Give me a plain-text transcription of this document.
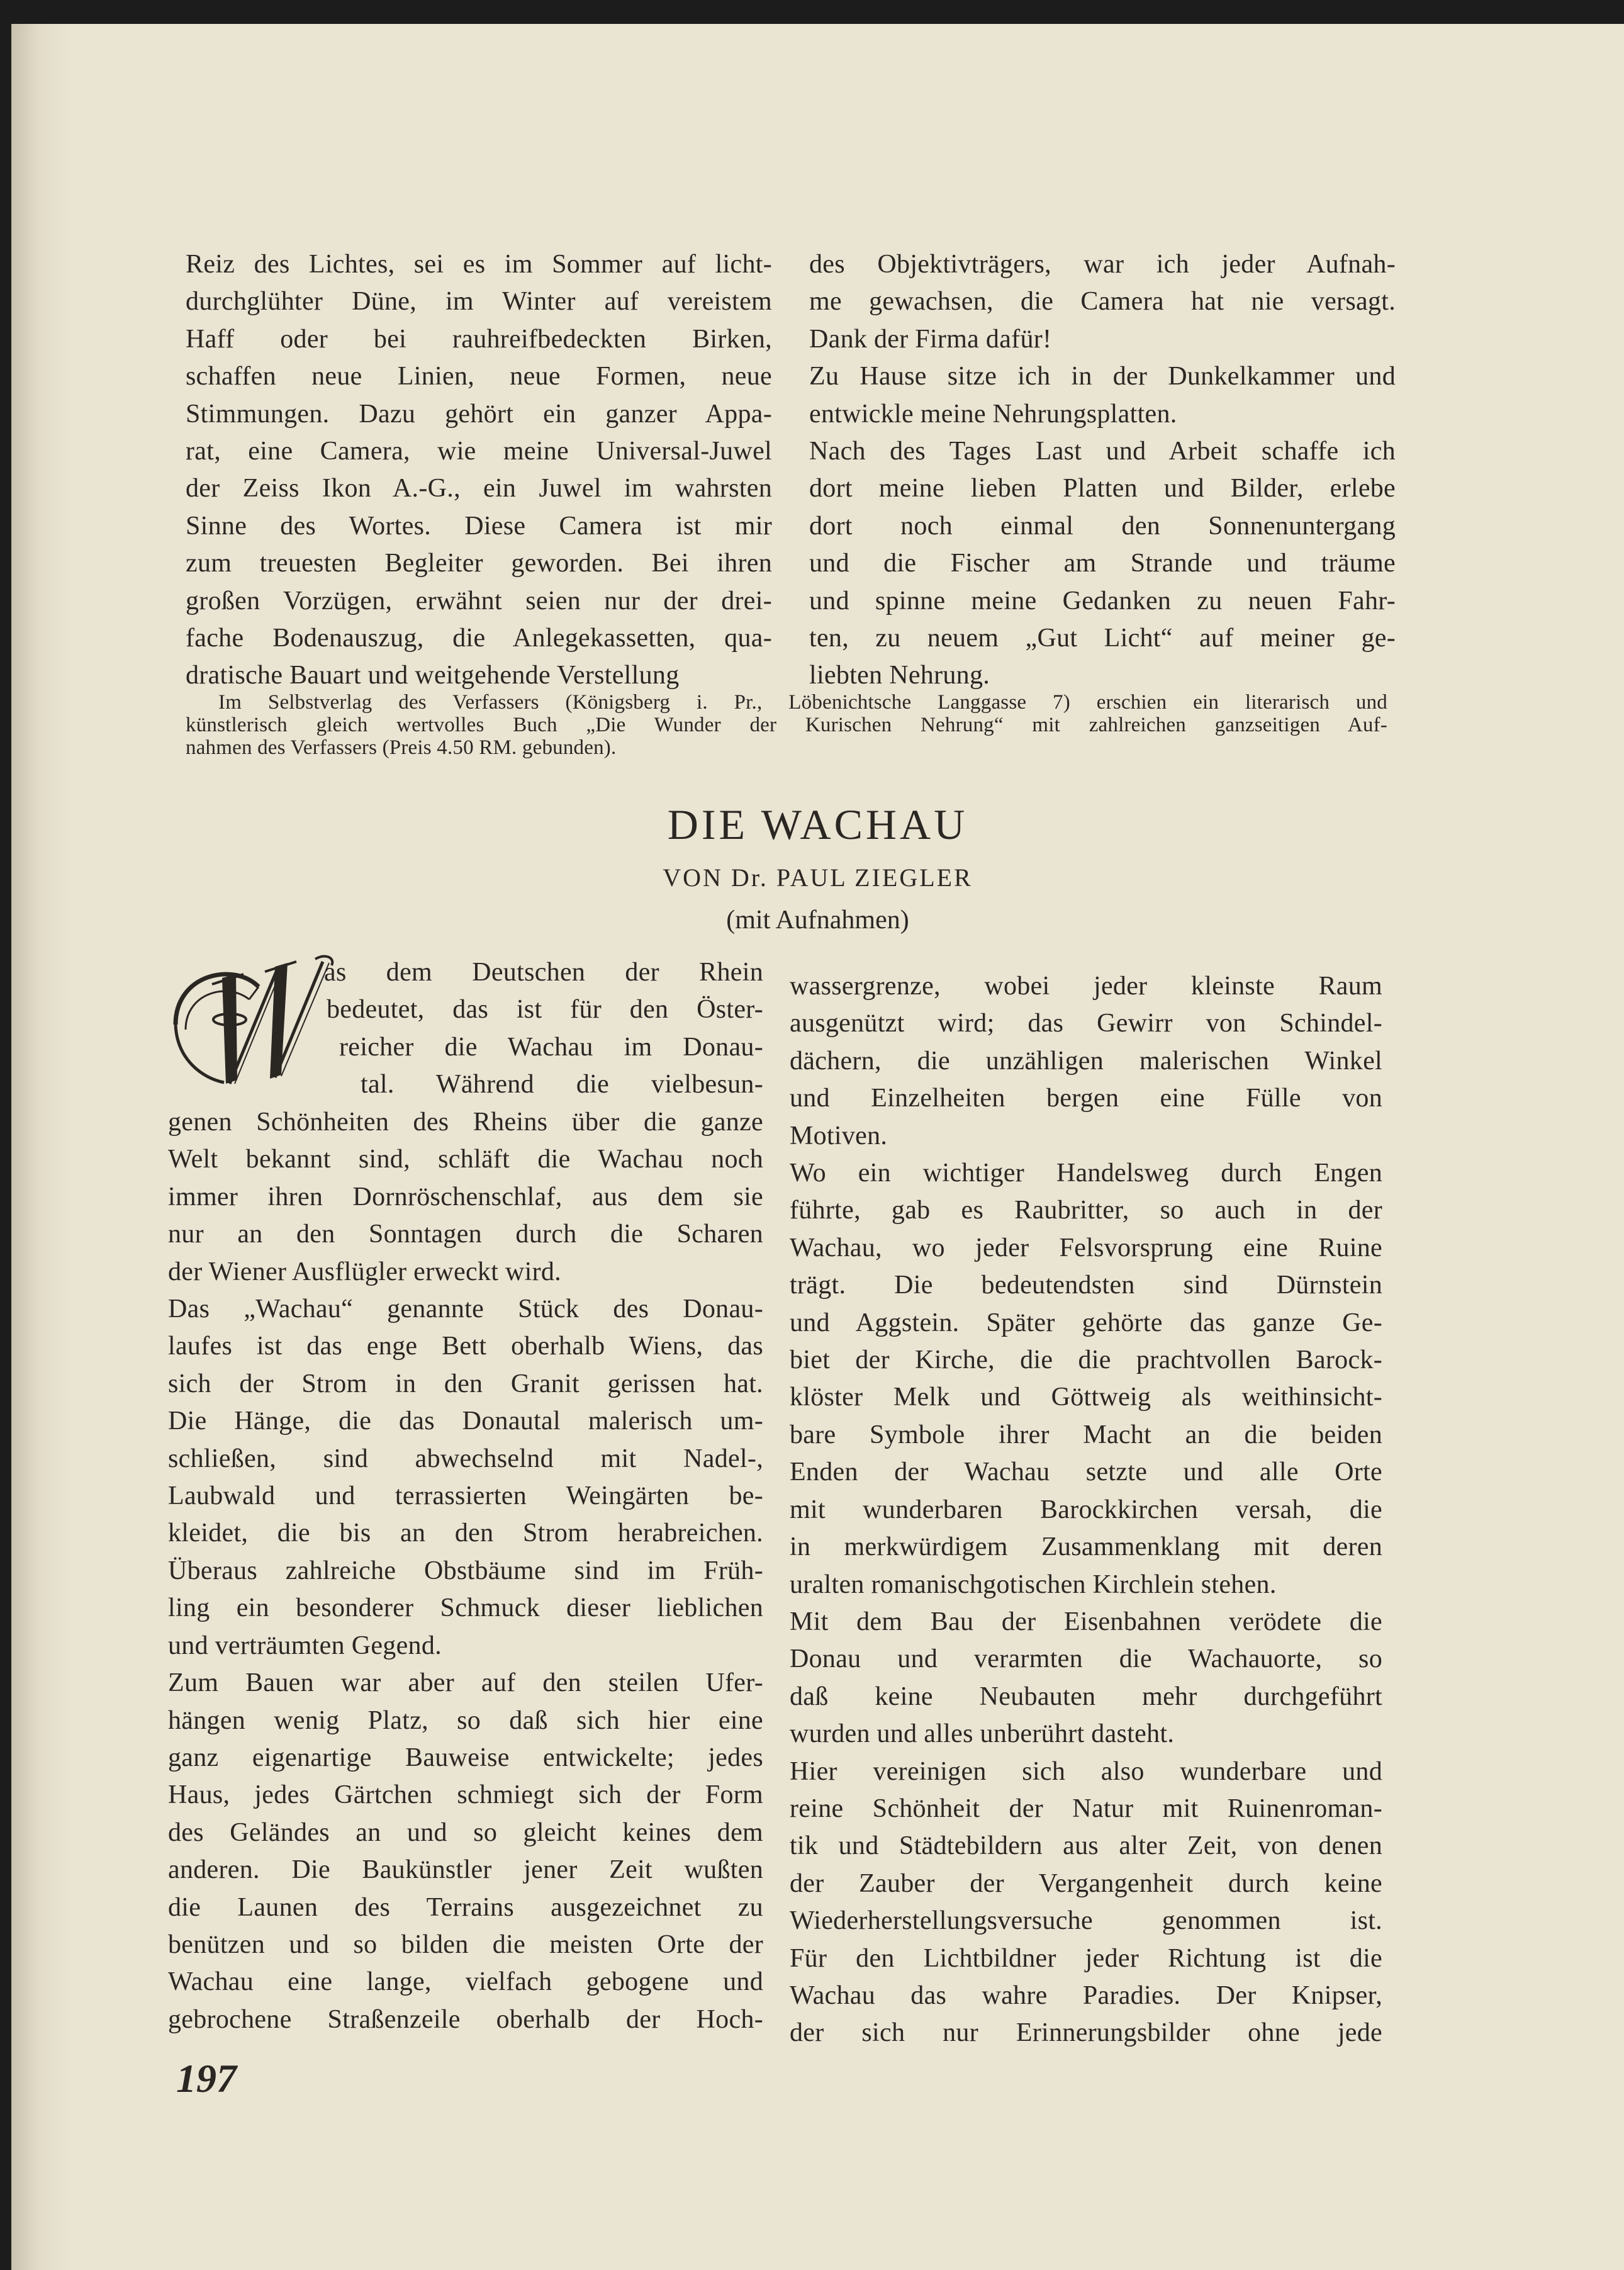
Reiz des Lichtes, sei es im Sommer auf licht-
durchglühter Düne, im Winter auf vereistem
Haff oder bei rauhreifbedeckten Birken,
schaffen neue Linien, neue Formen, neue
Stimmungen. Dazu gehört ein ganzer Appa-
rat, eine Camera, wie meine Universal-Juwel
der Zeiss Ikon A.-G., ein Juwel im wahrsten
Sinne des Wortes. Diese Camera ist mir
zum treuesten Begleiter geworden. Bei ihren
großen Vorzügen, erwähnt seien nur der drei-
fache Bodenauszug, die Anlegekassetten, qua-
dratische Bauart und weitgehende Verstellung
des Objektivträgers, war ich jeder Aufnah-
me gewachsen, die Camera hat nie versagt.
Dank der Firma dafür!
Zu Hause sitze ich in der Dunkelkammer und
entwickle meine Nehrungsplatten.
Nach des Tages Last und Arbeit schaffe ich
dort meine lieben Platten und Bilder, erlebe
dort noch einmal den Sonnenuntergang
und die Fischer am Strande und träume
und spinne meine Gedanken zu neuen Fahr-
ten, zu neuem „Gut Licht“ auf meiner ge-
liebten Nehrung.
Im Selbstverlag des Verfassers (Königsberg i. Pr., Löbenichtsche Langgasse 7) erschien ein literarisch und
künstlerisch gleich wertvolles Buch „Die Wunder der Kurischen Nehrung“ mit zahlreichen ganzseitigen Auf-
nahmen des Verfassers (Preis 4.50 RM. gebunden).
DIE WACHAU
VON Dr. PAUL ZIEGLER
(mit Aufnahmen)
W
as dem Deutschen der Rhein
bedeutet, das ist für den Öster-
reicher die Wachau im Donau-
tal. Während die vielbesun-
genen Schönheiten des Rheins über die ganze
Welt bekannt sind, schläft die Wachau noch
immer ihren Dornröschenschlaf, aus dem sie
nur an den Sonntagen durch die Scharen
der Wiener Ausflügler erweckt wird.
Das „Wachau“ genannte Stück des Donau-
laufes ist das enge Bett oberhalb Wiens, das
sich der Strom in den Granit gerissen hat.
Die Hänge, die das Donautal malerisch um-
schließen, sind abwechselnd mit Nadel-,
Laubwald und terrassierten Weingärten be-
kleidet, die bis an den Strom herabreichen.
Überaus zahlreiche Obstbäume sind im Früh-
ling ein besonderer Schmuck dieser lieblichen
und verträumten Gegend.
Zum Bauen war aber auf den steilen Ufer-
hängen wenig Platz, so daß sich hier eine
ganz eigenartige Bauweise entwickelte; jedes
Haus, jedes Gärtchen schmiegt sich der Form
des Geländes an und so gleicht keines dem
anderen. Die Baukünstler jener Zeit wußten
die Launen des Terrains ausgezeichnet zu
benützen und so bilden die meisten Orte der
Wachau eine lange, vielfach gebogene und
gebrochene Straßenzeile oberhalb der Hoch-
wassergrenze, wobei jeder kleinste Raum
ausgenützt wird; das Gewirr von Schindel-
dächern, die unzähligen malerischen Winkel
und Einzelheiten bergen eine Fülle von
Motiven.
Wo ein wichtiger Handelsweg durch Engen
führte, gab es Raubritter, so auch in der
Wachau, wo jeder Felsvorsprung eine Ruine
trägt. Die bedeutendsten sind Dürnstein
und Aggstein. Später gehörte das ganze Ge-
biet der Kirche, die die prachtvollen Barock-
klöster Melk und Göttweig als weithinsicht-
bare Symbole ihrer Macht an die beiden
Enden der Wachau setzte und alle Orte
mit wunderbaren Barockkirchen versah, die
in merkwürdigem Zusammenklang mit deren
uralten romanischgotischen Kirchlein stehen.
Mit dem Bau der Eisenbahnen verödete die
Donau und verarmten die Wachauorte, so
daß keine Neubauten mehr durchgeführt
wurden und alles unberührt dasteht.
Hier vereinigen sich also wunderbare und
reine Schönheit der Natur mit Ruinenroman-
tik und Städtebildern aus alter Zeit, von denen
der Zauber der Vergangenheit durch keine
Wiederherstellungsversuche genommen ist.
Für den Lichtbildner jeder Richtung ist die
Wachau das wahre Paradies. Der Knipser,
der sich nur Erinnerungsbilder ohne jede
197
